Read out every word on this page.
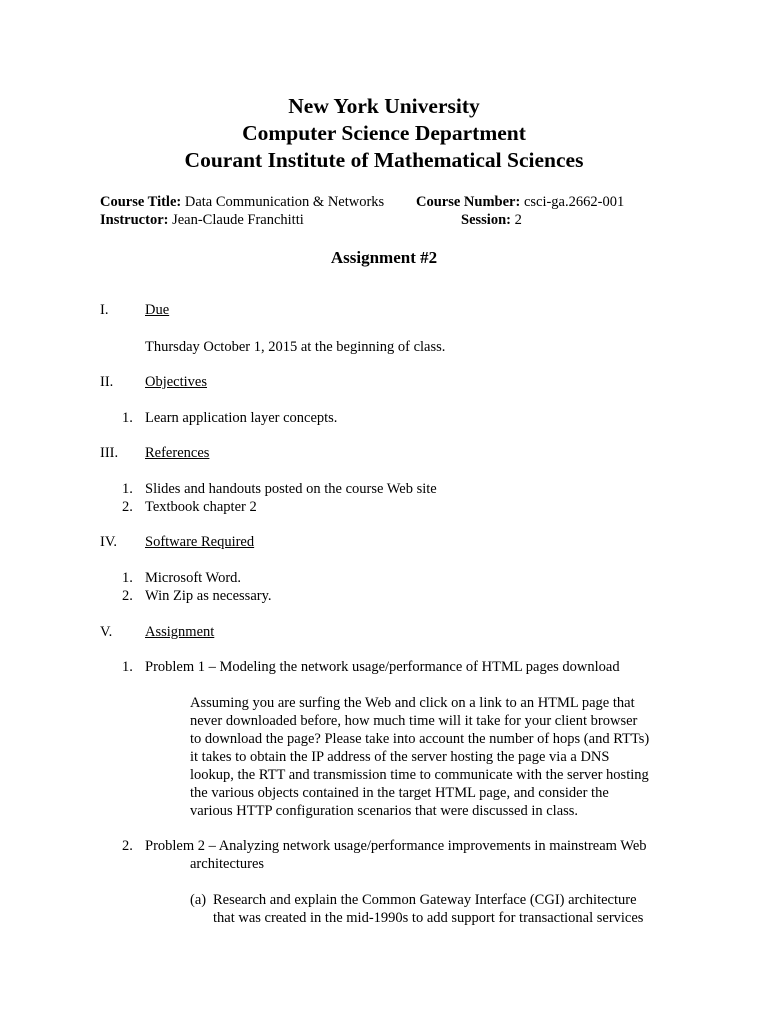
New York University
Computer Science Department
Courant Institute of Mathematical Sciences
Course Title: Data Communication & Networks Course Number: csci-ga.2662-001
Instructor: Jean-Claude Franchitti	Session: 2
Assignment #2
I.	Due
Thursday October 1, 2015 at the beginning of class.
II. Objectives
1. Learn application layer concepts.
III. References
1. Slides and handouts posted on the course Web site
2. Textbook chapter 2
IV. Software Required
1. Microsoft Word.
2. Win Zip as necessary.
V. Assignment
1. Problem 1 – Modeling the network usage/performance of HTML pages download
Assuming you are surfing the Web and click on a link to an HTML page that
never downloaded before, how much time will it take for your client browser
to download the page? Please take into account the number of hops (and RTTs)
it takes to obtain the IP address of the server hosting the page via a DNS
lookup, the RTT and transmission time to communicate with the server hosting
the various objects contained in the target HTML page, and consider the
various HTTP configuration scenarios that were discussed in class.
2. Problem 2 – Analyzing network usage/performance improvements in mainstream Web
architectures
(a) Research and explain the Common Gateway Interface (CGI) architecture
that was created in the mid-1990s to add support for transactional services
